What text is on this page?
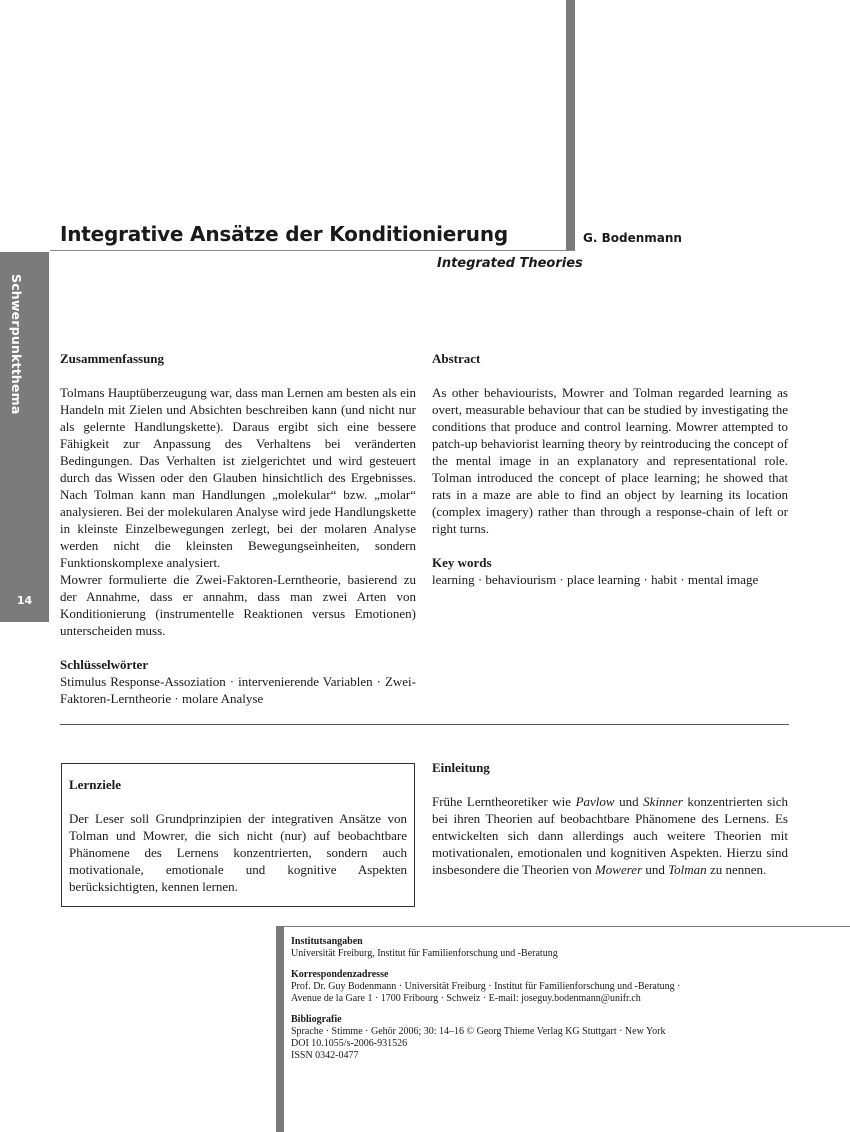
Integrative Ansätze der Konditionierung	G. Bodenmann
Integrated Theories
Schwerpunktthema
14
Zusammenfassung

Tolmans Hauptüberzeugung war, dass man Lernen am besten als ein Handeln mit Zielen und Absichten beschreiben kann (und nicht nur als gelernte Handlungskette). Daraus ergibt sich eine bessere Fähigkeit zur Anpassung des Verhaltens bei veränderten Bedingungen. Das Verhalten ist zielgerichtet und wird gesteuert durch das Wissen oder den Glauben hinsichtlich des Ergebnisses. Nach Tolman kann man Handlungen „molekular“ bzw. „molar“ analysieren. Bei der molekularen Analyse wird jede Handlungskette in kleinste Einzelbewegungen zerlegt, bei der molaren Analyse werden nicht die kleinsten Bewegungseinheiten, sondern Funktionskomplexe analysiert.

Mowrer formulierte die Zwei-Faktoren-Lerntheorie, basierend zu der Annahme, dass er annahm, dass man zwei Arten von Konditionierung (instrumentelle Reaktionen versus Emotionen) unterscheiden muss.

Schlüsselwörter

Stimulus Response-Assoziation · intervenierende Variablen · Zwei-Faktoren-Lerntheorie · molare Analyse

Abstract

As other behaviourists, Mowrer and Tolman regarded learning as overt, measurable behaviour that can be studied by investigating the conditions that produce and control learning. Mowrer attempted to patch-up behaviorist learning theory by reintroducing the concept of the mental image in an explanatory and representational role. Tolman introduced the concept of place learning; he showed that rats in a maze are able to find an object by learning its location (complex imagery) rather than through a response-chain of left or right turns.

Key words

learning · behaviourism · place learning · habit · mental image

Lernziele

Der Leser soll Grundprinzipien der integrativen Ansätze von Tolman und Mowrer, die sich nicht (nur) auf beobachtbare Phänomene des Lernens konzentrierten, sondern auch motivationale, emotionale und kognitive Aspekten berücksichtigten, kennen lernen.

Einleitung

Frühe Lerntheoretiker wie Pavlow und Skinner konzentrierten sich bei ihren Theorien auf beobachtbare Phänomene des Lernens. Es entwickelten sich dann allerdings auch weitere Theorien mit motivationalen, emotionalen und kognitiven Aspekten. Hierzu sind insbesondere die Theorien von Mowerer und Tolman zu nennen.

Institutsangaben
Universität Freiburg, Institut für Familienforschung und -Beratung
Korrespondenzadresse
Prof. Dr. Guy Bodenmann · Universität Freiburg · Institut für Familienforschung und -Beratung ·
Avenue de la Gare 1 · 1700 Fribourg · Schweiz · E-mail: joseguy.bodenmann@unifr.ch
Bibliografie
Sprache · Stimme · Gehör 2006; 30: 14–16 © Georg Thieme Verlag KG Stuttgart · New York
DOI 10.1055/s-2006-931526
ISSN 0342-0477
